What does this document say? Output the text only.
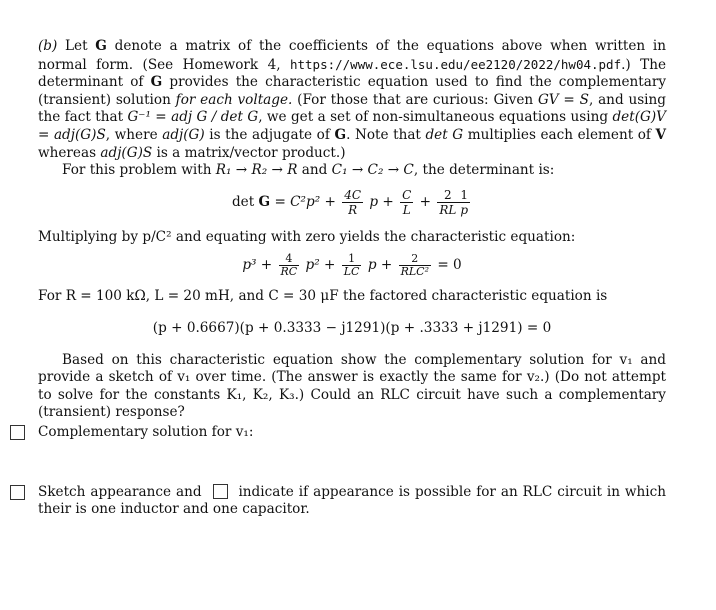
(b) Let G denote a matrix of the coefficients of the equations above when written in normal form. (See Homework 4, https://www.ece.lsu.edu/ee2120/2022/hw04.pdf.) The determinant of G provides the characteristic equation used to find the complementary (transient) solution for each voltage. (For those that are curious: Given GV = S, and using the fact that G⁻¹ = adj G / det G, we get a set of non-simultaneous equations using det(G)V = adj(G)S, where adj(G) is the adjugate of G. Note that det G multiplies each element of V whereas adj(G)S is a matrix/vector product.)

For this problem with R₁ → R₂ → R and C₁ → C₂ → C, the determinant is:

$\det G = C^2p^2 + \frac{4C}{R}$ $p + \frac{C}{L} + \frac{2}{RL} \frac{1}{p}$

Multiplying by p/C² and equating with zero yields the characteristic equation:

$p^3 + \frac{4}{RC} p^2 + \frac{1}{LC}$ $p + \frac{2}{\text{RLC²}} = 0$

For R = 100 kΩ, L = 20 mH, and C = 30 μF the factored characteristic equation is

(p + 0.6667)(p + 0.3333 − j1291)(p + .3333 + j1291) = 0

Based on this characteristic equation show the complementary solution for v₁ and provide a sketch of v₁ over time. (The answer is exactly the same for v₂.) (Do not attempt to solve for the constants K₁, K₂, K₃.) Could an RLC circuit have such a complementary (transient) response?

Complementary solution for v₁:
Sketch appearance and	indicate if appearance is possible for an RLC circuit in which their is one inductor and one capacitor.
